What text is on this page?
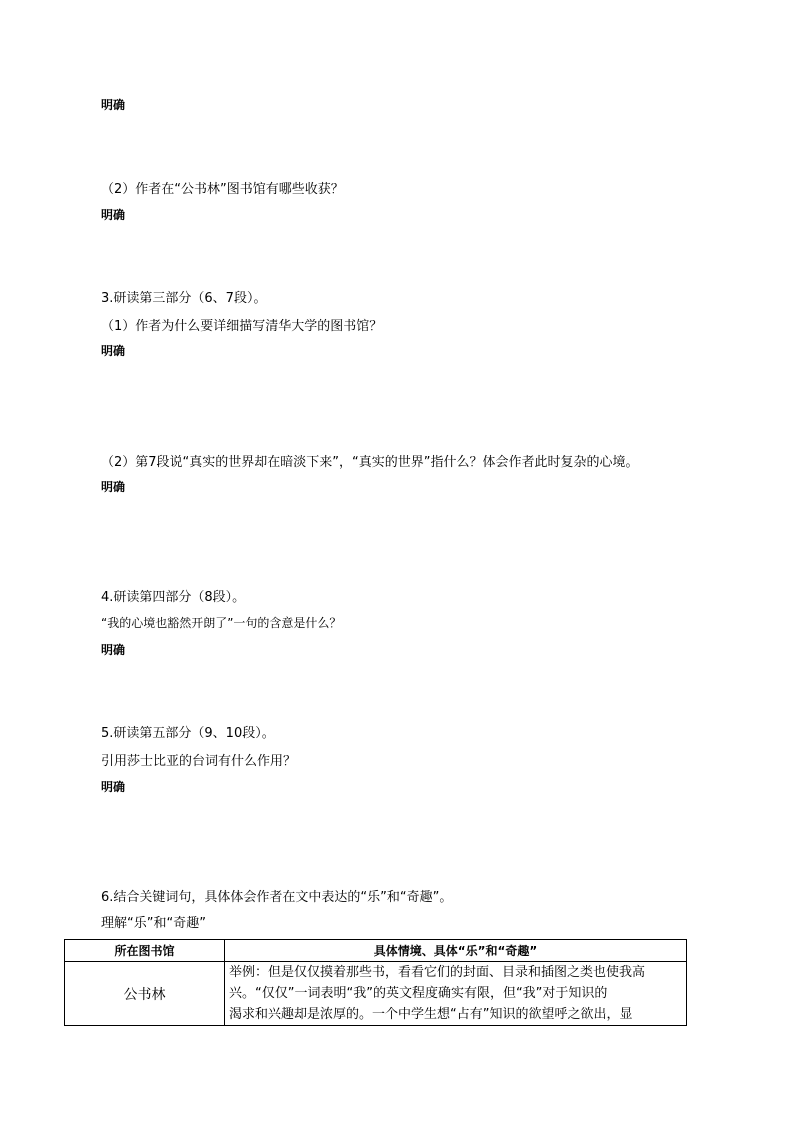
明确
（2）作者在“公书林”图书馆有哪些收获？
明确
3.研读第三部分（6、7段）。
（1）作者为什么要详细描写清华大学的图书馆？
明确
（2）第7段说“真实的世界却在暗淡下来”，“真实的世界”指什么？体会作者此时复杂的心境。
明确
4.研读第四部分（8段）。
“我的心境也豁然开朗了”一句的含意是什么？
明确
5.研读第五部分（9、10段）。
引用莎士比亚的台词有什么作用？
明确
6.结合关键词句，具体体会作者在文中表达的“乐”和“奇趣”。
理解“乐”和“奇趣”
所在图书馆	具体情境、具体“乐”和“奇趣”
公书林	举例：但是仅仅摸着那些书，看看它们的封面、目录和插图之类也使我高
兴。“仅仅”一词表明“我”的英文程度确实有限，但“我”对于知识的
渴求和兴趣却是浓厚的。一个中学生想“占有”知识的欲望呼之欲出，显
